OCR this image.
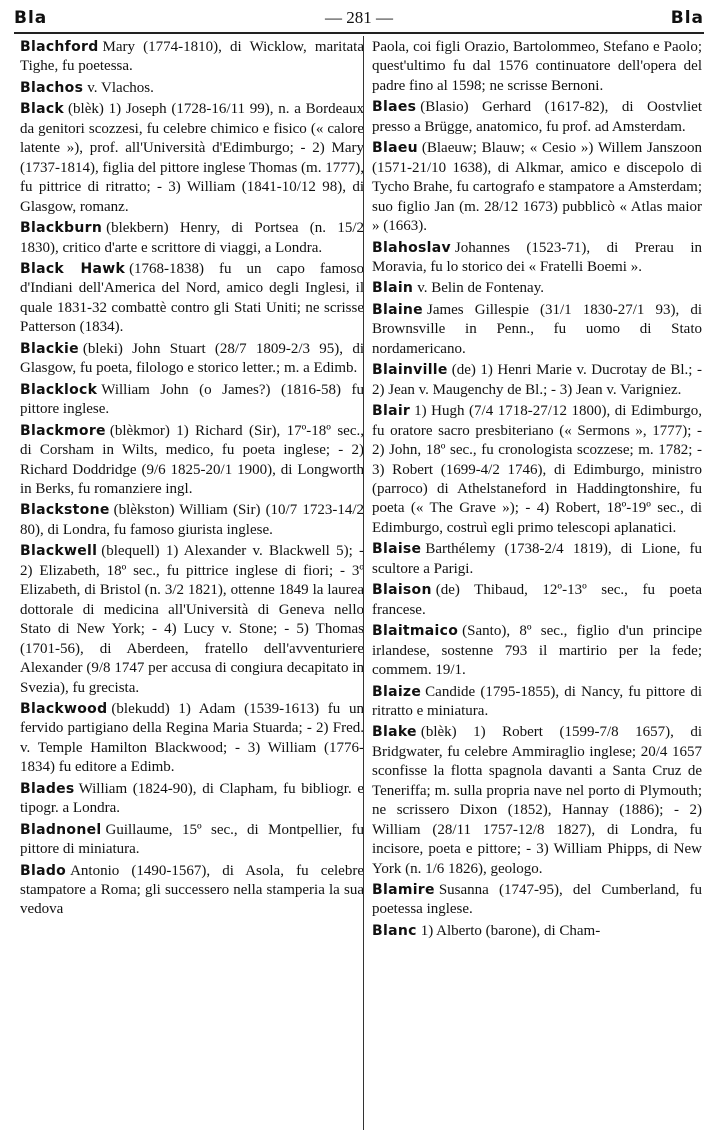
Bla	— 281 —	Bla

Blachford Mary (1774-1810), di Wicklow, maritata Tighe, fu poetessa.

Blachos v. Vlachos.

Black (blèk) 1) Joseph (1728-16/11 99), n. a Bordeaux da genitori scozzesi, fu celebre chimico e fisico (« calore latente »), prof. all'Università d'Edimburgo; - 2) Mary (1737-1814), figlia del pittore inglese Thomas (m. 1777), fu pittrice di ritratto; - 3) William (1841-10/12 98), di Glasgow, romanz.

Blackburn (blekbern) Henry, di Portsea (n. 15/2 1830), critico d'arte e scrittore di viaggi, a Londra.

Black Hawk (1768-1838) fu un capo famoso d'Indiani dell'America del Nord, amico degli Inglesi, il quale 1831-32 combattè contro gli Stati Uniti; ne scrisse Patterson (1834).

Blackie (bleki) John Stuart (28/7 1809-2/3 95), di Glasgow, fu poeta, filologo e storico letter.; m. a Edimb.

Blacklock William John (o James?) (1816-58) fu pittore inglese.

Blackmore (blèkmor) 1) Richard (Sir), 17º-18º sec., di Corsham in Wilts, medico, fu poeta inglese; - 2) Richard Doddridge (9/6 1825-20/1 1900), di Longworth in Berks, fu romanziere ingl.

Blackstone (blèkston) William (Sir) (10/7 1723-14/2 80), di Londra, fu famoso giurista inglese.

Blackwell (blequell) 1) Alexander v. Blackwell 5); - 2) Elizabeth, 18º sec., fu pittrice inglese di fiori; - 3º Elizabeth, di Bristol (n. 3/2 1821), ottenne 1849 la laurea dottorale di medicina all'Università di Geneva nello Stato di New York; - 4) Lucy v. Stone; - 5) Thomas (1701-56), di Aberdeen, fratello dell'avventuriere Alexander (9/8 1747 per accusa di congiura decapitato in Svezia), fu grecista.

Blackwood (blekudd) 1) Adam (1539-1613) fu un fervido partigiano della Regina Maria Stuarda; - 2) Fred. v. Temple Hamilton Blackwood; - 3) William (1776-1834) fu editore a Edimb.

Blades William (1824-90), di Clapham, fu bibliogr. e tipogr. a Londra.

Bladnonel Guillaume, 15º sec., di Montpellier, fu pittore di miniatura.

Blado Antonio (1490-1567), di Asola, fu celebre stampatore a Roma; gli successero nella stamperia la sua vedova

Paola, coi figli Orazio, Bartolommeo, Stefano e Paolo; quest'ultimo fu dal 1576 continuatore dell'opera del padre fino al 1598; ne scrisse Bernoni.

Blaes (Blasio) Gerhard (1617-82), di Oostvliet presso a Brügge, anatomico, fu prof. ad Amsterdam.

Blaeu (Blaeuw; Blauw; « Cesio ») Willem Janszoon (1571-21/10 1638), di Alkmar, amico e discepolo di Tycho Brahe, fu cartografo e stampatore a Amsterdam; suo figlio Jan (m. 28/12 1673) pubblicò « Atlas maior » (1663).

Blahoslav Johannes (1523-71), di Prerau in Moravia, fu lo storico dei « Fratelli Boemi ».

Blain v. Belin de Fontenay.

Blaine James Gillespie (31/1 1830-27/1 93), di Brownsville in Penn., fu uomo di Stato nordamericano.

Blainville (de) 1) Henri Marie v. Ducrotay de Bl.; - 2) Jean v. Maugenchy de Bl.; - 3) Jean v. Varigniez.

Blair 1) Hugh (7/4 1718-27/12 1800), di Edimburgo, fu oratore sacro presbiteriano (« Sermons », 1777); - 2) John, 18º sec., fu cronologista scozzese; m. 1782; - 3) Robert (1699-4/2 1746), di Edimburgo, ministro (parroco) di Athelstaneford in Haddingtonshire, fu poeta (« The Grave »); - 4) Robert, 18º-19º sec., di Edimburgo, costruì egli primo telescopi aplanatici.

Blaise Barthélemy (1738-2/4 1819), di Lione, fu scultore a Parigi.

Blaison (de) Thibaud, 12º-13º sec., fu poeta francese.

Blaitmaico (Santo), 8º sec., figlio d'un principe irlandese, sostenne 793 il martirio per la fede; commem. 19/1.

Blaize Candide (1795-1855), di Nancy, fu pittore di ritratto e miniatura.

Blake (blèk) 1) Robert (1599-7/8 1657), di Bridgwater, fu celebre Ammiraglio inglese; 20/4 1657 sconfisse la flotta spagnola davanti a Santa Cruz de Teneriffa; m. sulla propria nave nel porto di Plymouth; ne scrissero Dixon (1852), Hannay (1886); - 2) William (28/11 1757-12/8 1827), di Londra, fu incisore, poeta e pittore; - 3) William Phipps, di New York (n. 1/6 1826), geologo.

Blamire Susanna (1747-95), del Cumberland, fu poetessa inglese.

Blanc 1) Alberto (barone), di Cham-
